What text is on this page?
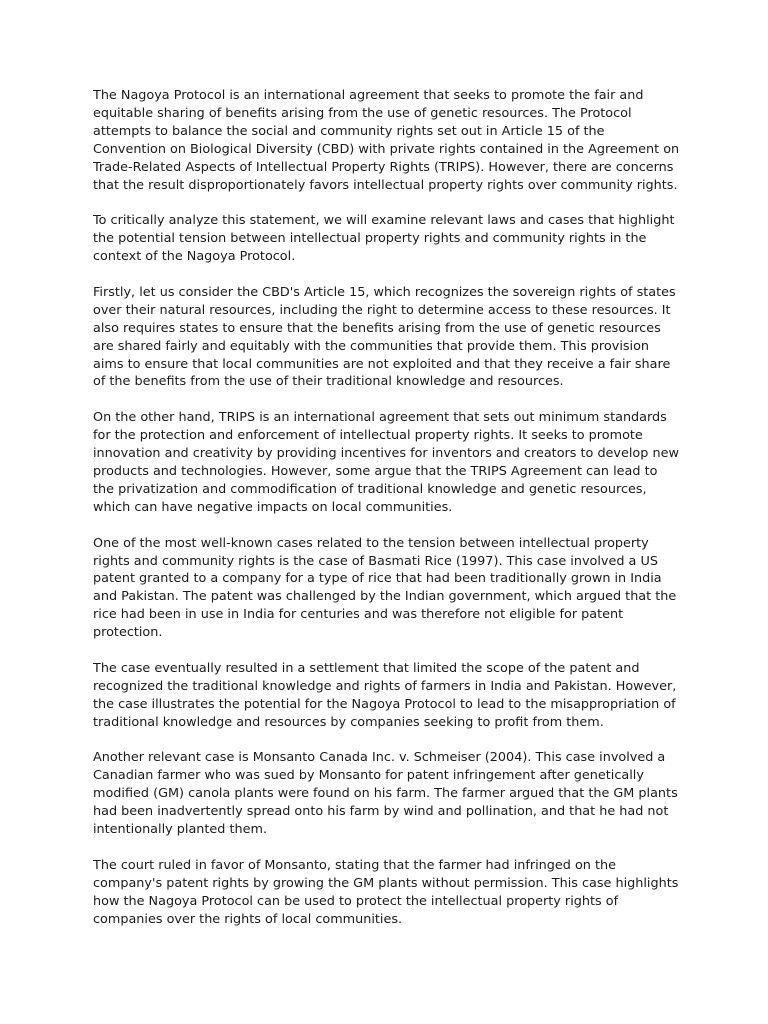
The Nagoya Protocol is an international agreement that seeks to promote the fair and equitable sharing of benefits arising from the use of genetic resources. The Protocol attempts to balance the social and community rights set out in Article 15 of the Convention on Biological Diversity (CBD) with private rights contained in the Agreement on Trade-Related Aspects of Intellectual Property Rights (TRIPS). However, there are concerns that the result disproportionately favors intellectual property rights over community rights.

To critically analyze this statement, we will examine relevant laws and cases that highlight the potential tension between intellectual property rights and community rights in the context of the Nagoya Protocol.

Firstly, let us consider the CBD's Article 15, which recognizes the sovereign rights of states over their natural resources, including the right to determine access to these resources. It also requires states to ensure that the benefits arising from the use of genetic resources are shared fairly and equitably with the communities that provide them. This provision aims to ensure that local communities are not exploited and that they receive a fair share of the benefits from the use of their traditional knowledge and resources.

On the other hand, TRIPS is an international agreement that sets out minimum standards for the protection and enforcement of intellectual property rights. It seeks to promote innovation and creativity by providing incentives for inventors and creators to develop new products and technologies. However, some argue that the TRIPS Agreement can lead to the privatization and commodification of traditional knowledge and genetic resources, which can have negative impacts on local communities.

One of the most well-known cases related to the tension between intellectual property rights and community rights is the case of Basmati Rice (1997). This case involved a US patent granted to a company for a type of rice that had been traditionally grown in India and Pakistan. The patent was challenged by the Indian government, which argued that the rice had been in use in India for centuries and was therefore not eligible for patent protection.

The case eventually resulted in a settlement that limited the scope of the patent and recognized the traditional knowledge and rights of farmers in India and Pakistan. However, the case illustrates the potential for the Nagoya Protocol to lead to the misappropriation of traditional knowledge and resources by companies seeking to profit from them.

Another relevant case is Monsanto Canada Inc. v. Schmeiser (2004). This case involved a Canadian farmer who was sued by Monsanto for patent infringement after genetically modified (GM) canola plants were found on his farm. The farmer argued that the GM plants had been inadvertently spread onto his farm by wind and pollination, and that he had not intentionally planted them.

The court ruled in favor of Monsanto, stating that the farmer had infringed on the company's patent rights by growing the GM plants without permission. This case highlights how the Nagoya Protocol can be used to protect the intellectual property rights of companies over the rights of local communities.
